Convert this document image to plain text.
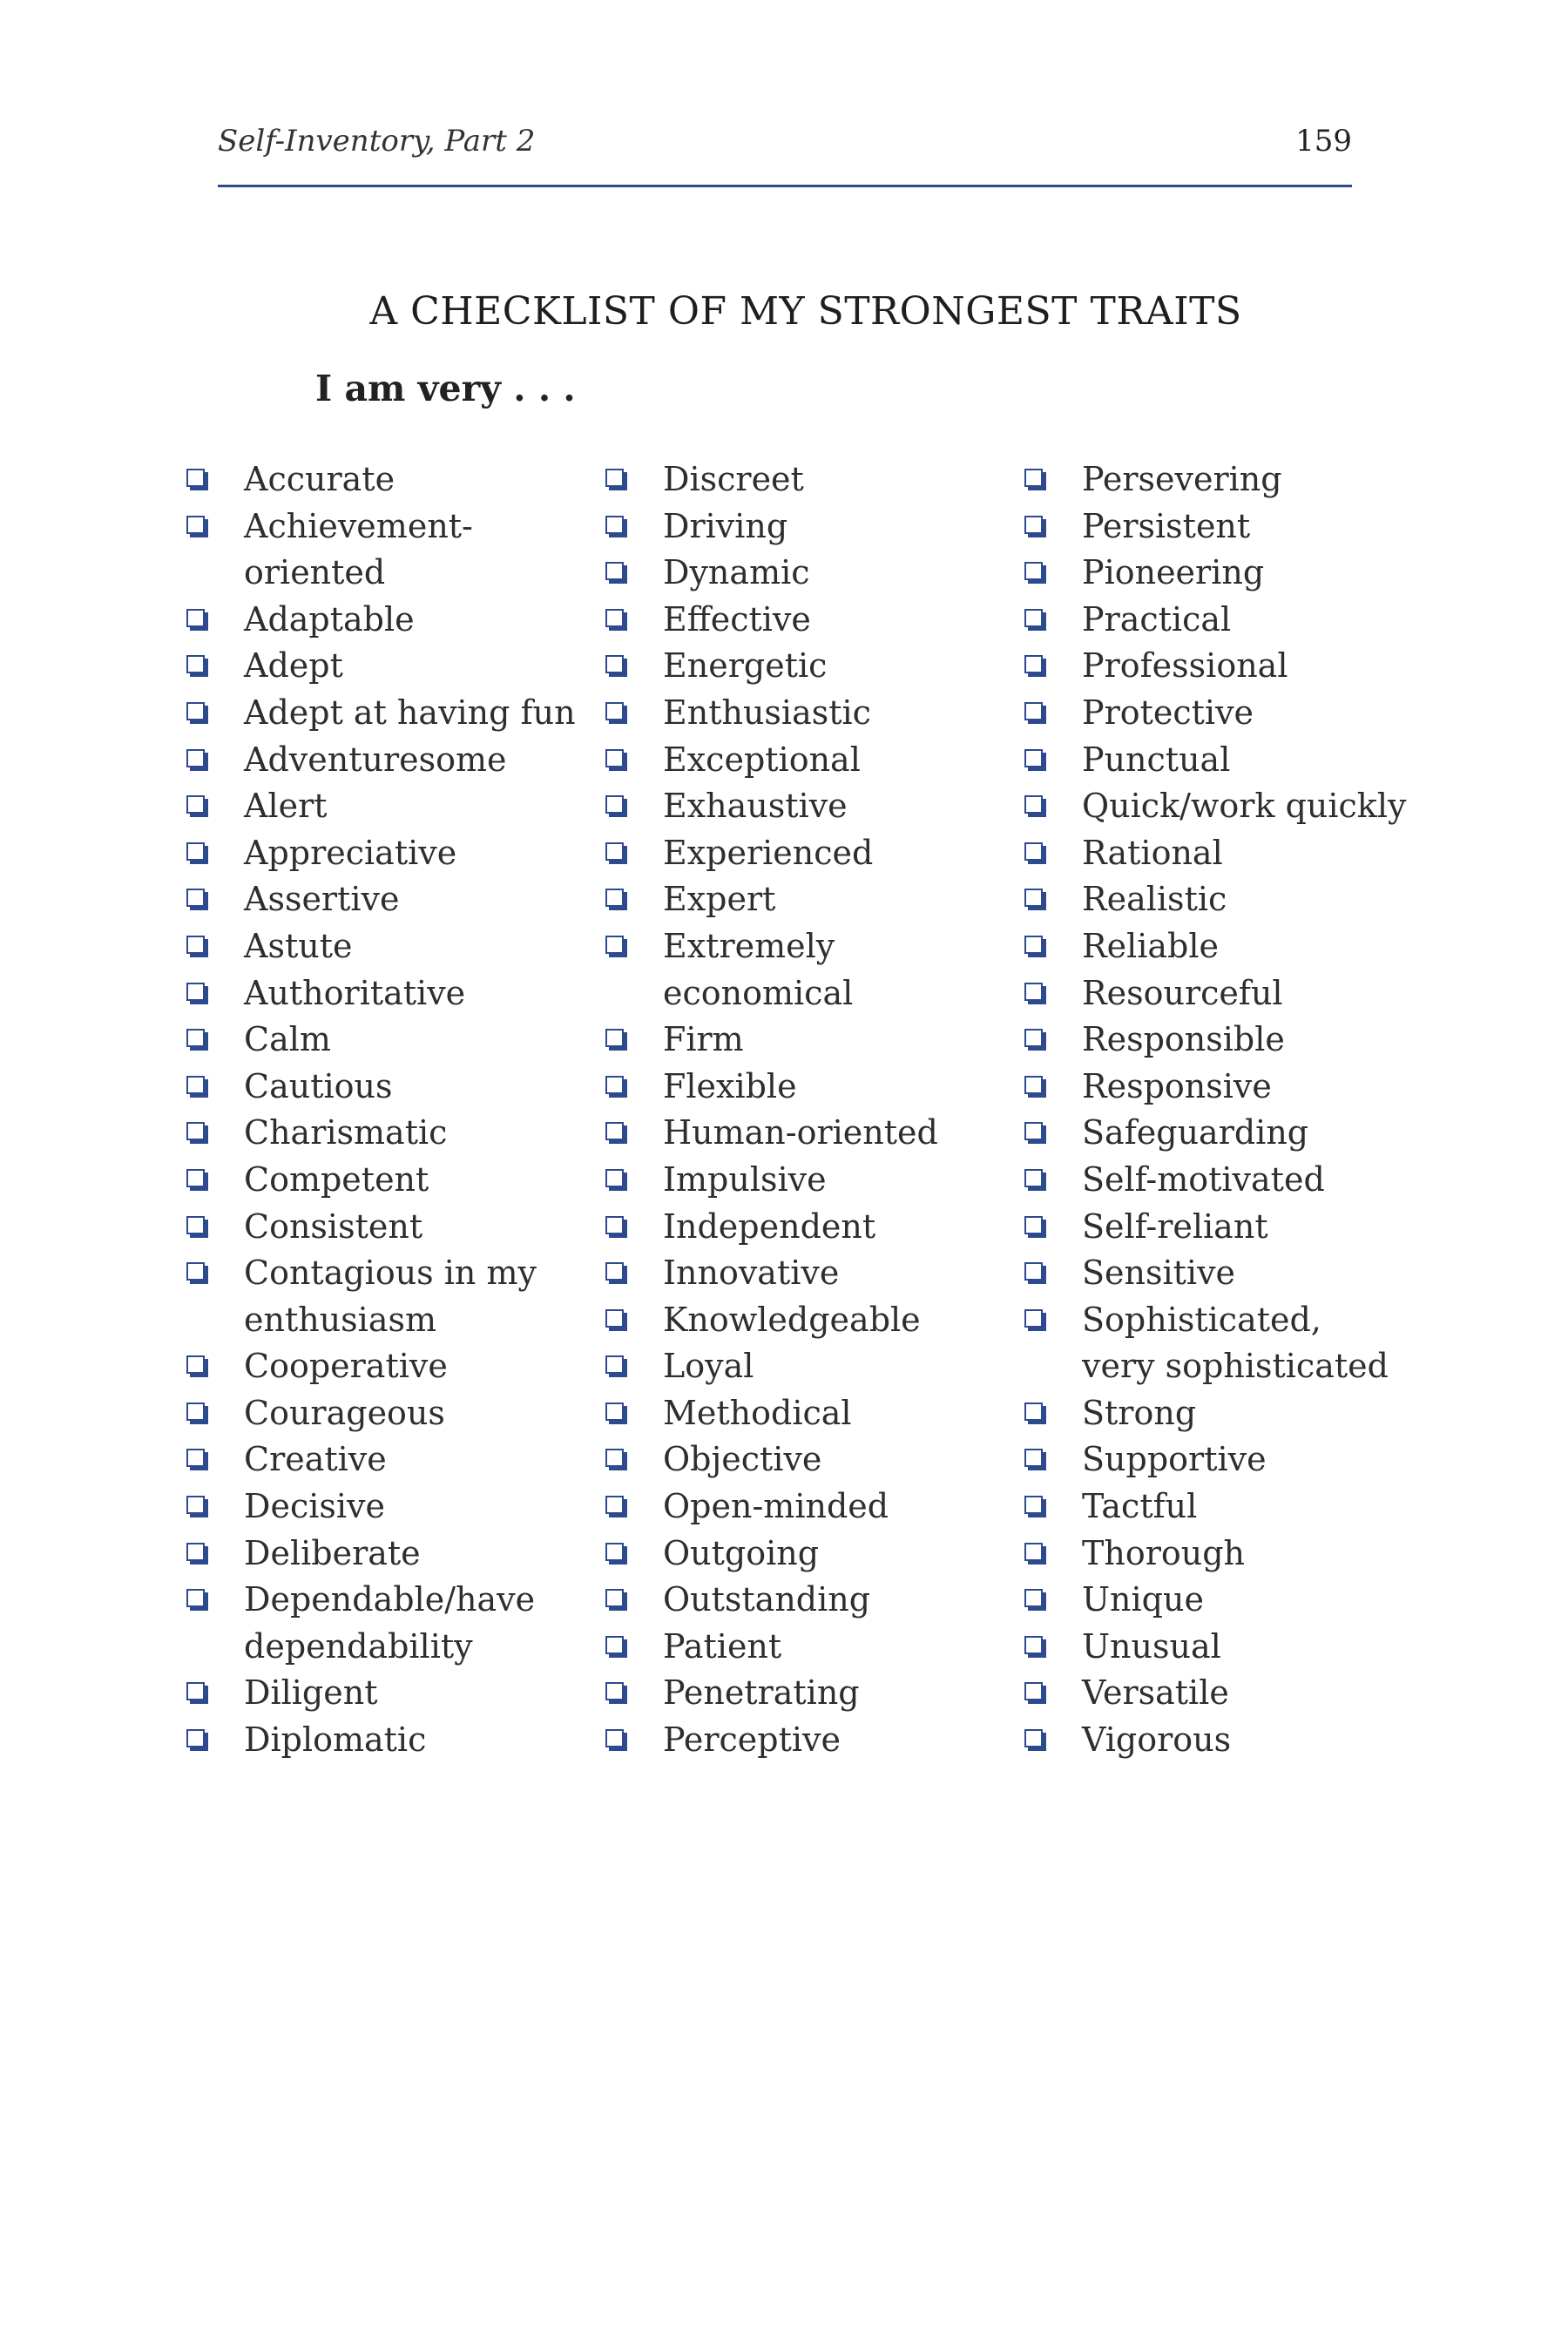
Self-Inventory, Part 2	159
A CHECKLIST OF MY STRONGEST TRAITS
I am very . . .
Accurate
Achievement-
oriented
Adaptable
Adept
Adept at having fun
Adventuresome
Alert
Appreciative
Assertive
Astute
Authoritative
Calm
Cautious
Charismatic
Competent
Consistent
Contagious in my
enthusiasm
Cooperative
Courageous
Creative
Decisive
Deliberate
Dependable/have
dependability
Diligent
Diplomatic
Discreet
Driving
Dynamic
Effective
Energetic
Enthusiastic
Exceptional
Exhaustive
Experienced
Expert
Extremely
economical
Firm
Flexible
Human-oriented
Impulsive
Independent
Innovative
Knowledgeable
Loyal
Methodical
Objective
Open-minded
Outgoing
Outstanding
Patient
Penetrating
Perceptive
Persevering
Persistent
Pioneering
Practical
Professional
Protective
Punctual
Quick/work quickly
Rational
Realistic
Reliable
Resourceful
Responsible
Responsive
Safeguarding
Self-motivated
Self-reliant
Sensitive
Sophisticated,
very sophisticated
Strong
Supportive
Tactful
Thorough
Unique
Unusual
Versatile
Vigorous
